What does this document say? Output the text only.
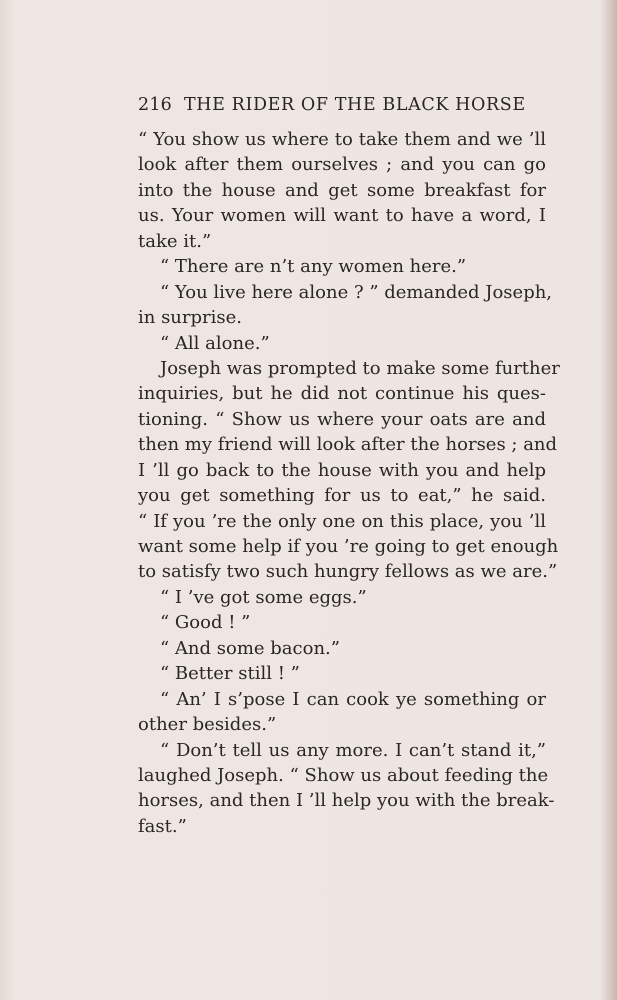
216 THE RIDER OF THE BLACK HORSE
“ You show us where to take them and we ’ll
look after them ourselves ; and you can go
into the house and get some breakfast for
us. Your women will want to have a word, I
take it.”
“ There are n’t any women here.”
“ You live here alone ? ” demanded Joseph,
in surprise.
“ All alone.”
Joseph was prompted to make some further
inquiries, but he did not continue his ques-
tioning. “ Show us where your oats are and
then my friend will look after the horses ; and
I ’ll go back to the house with you and help
you get something for us to eat,” he said.
“ If you ’re the only one on this place, you ’ll
want some help if you ’re going to get enough
to satisfy two such hungry fellows as we are.”
“ I ’ve got some eggs.”
“ Good ! ”
“ And some bacon.”
“ Better still ! ”
“ An’ I s’pose I can cook ye something or
other besides.”
“ Don’t tell us any more. I can’t stand it,”
laughed Joseph. “ Show us about feeding the
horses, and then I ’ll help you with the break-
fast.”
